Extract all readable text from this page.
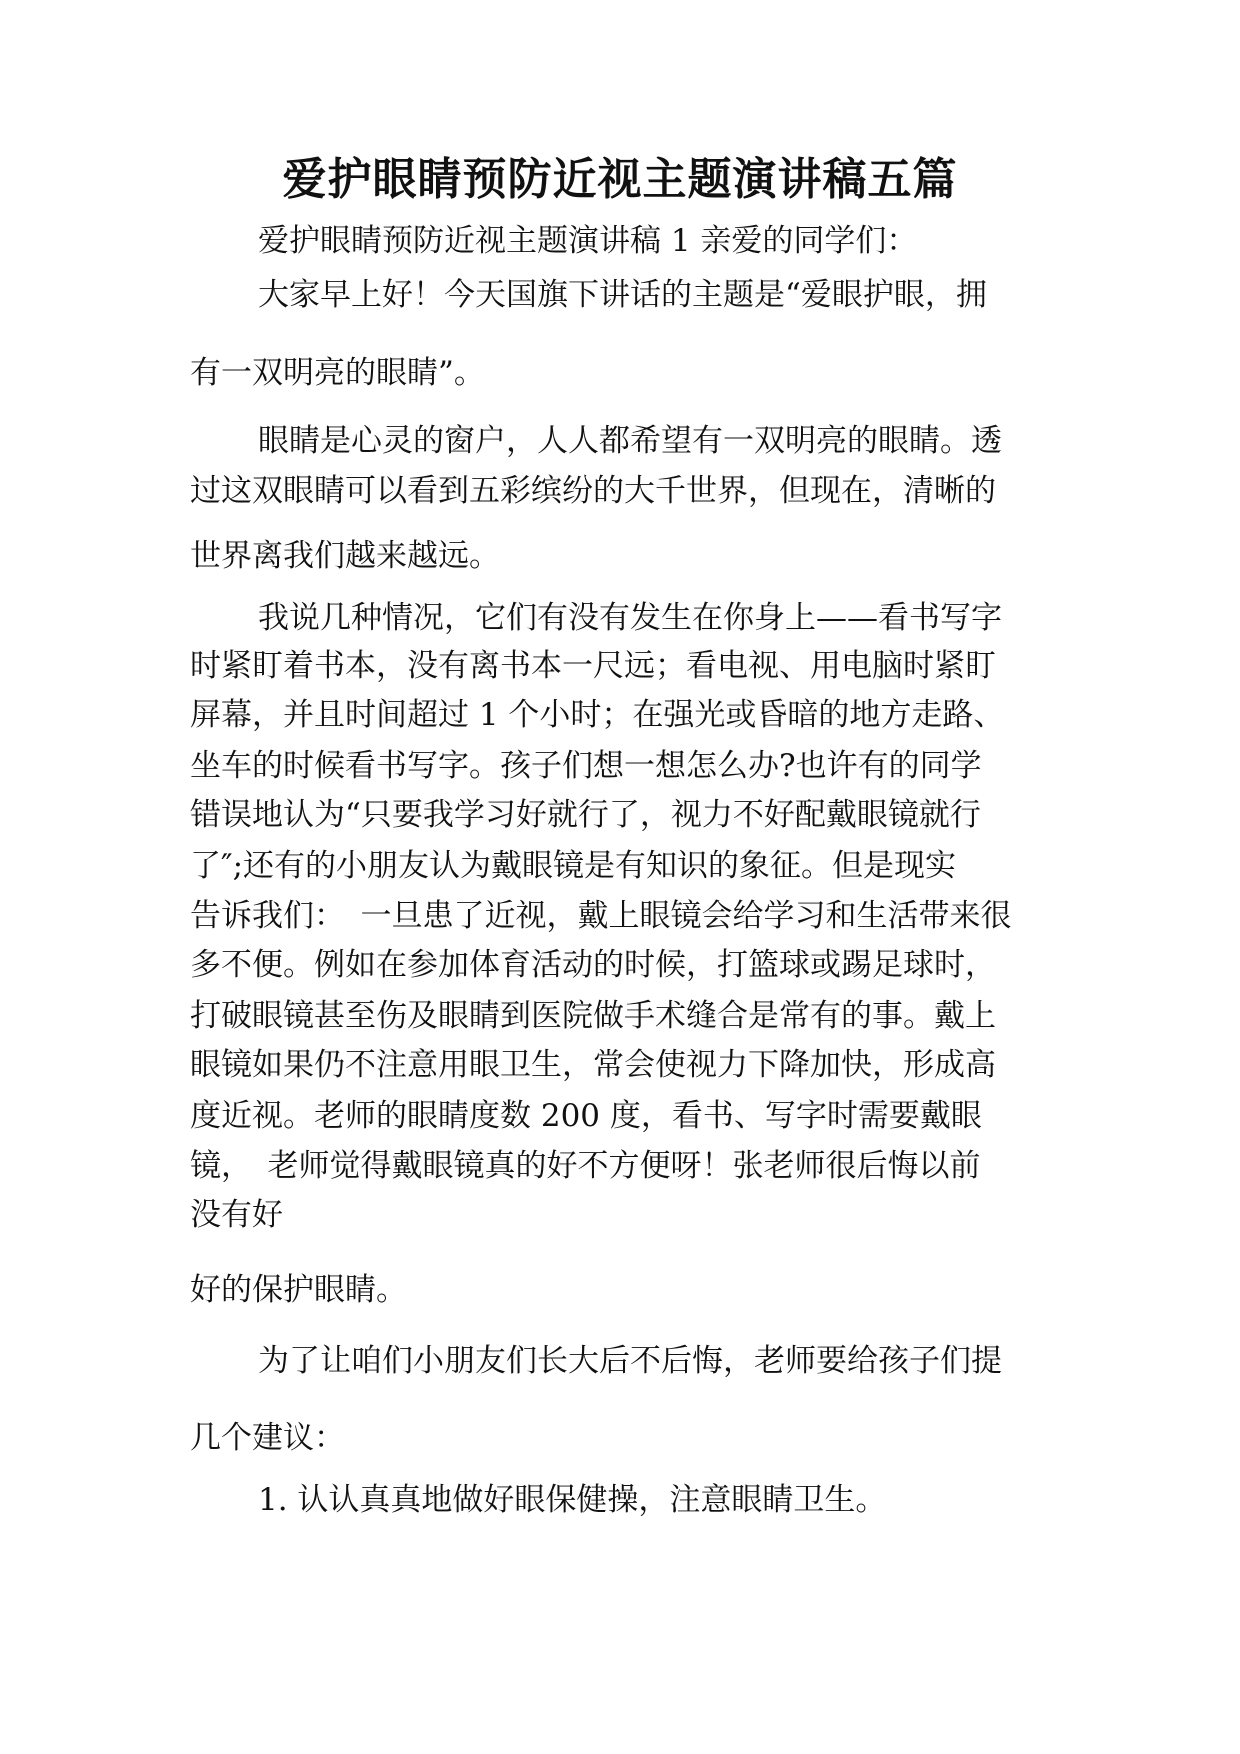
爱护眼睛预防近视主题演讲稿五篇

爱护眼睛预防近视主题演讲稿 1 亲爱的同学们：

大家早上好！今天国旗下讲话的主题是“爱眼护眼，拥

有一双明亮的眼睛”。

眼睛是心灵的窗户，人人都希望有一双明亮的眼睛。透

过这双眼睛可以看到五彩缤纷的大千世界，但现在，清晰的

世界离我们越来越远。

我说几种情况，它们有没有发生在你身上——看书写字

时紧盯着书本，没有离书本一尺远；看电视、用电脑时紧盯

屏幕，并且时间超过 1 个小时；在强光或昏暗的地方走路、

坐车的时候看书写字。孩子们想一想怎么办?也许有的同学

错误地认为“只要我学习好就行了，视力不好配戴眼镜就行

了″;还有的小朋友认为戴眼镜是有知识的象征。但是现实

告诉我们：　一旦患了近视，戴上眼镜会给学习和生活带来很

多不便。例如在参加体育活动的时候，打篮球或踢足球时，

打破眼镜甚至伤及眼睛到医院做手术缝合是常有的事。戴上

眼镜如果仍不注意用眼卫生，常会使视力下降加快，形成高

度近视。老师的眼睛度数 200 度，看书、写字时需要戴眼

镜，　老师觉得戴眼镜真的好不方便呀！张老师很后悔以前

没有好

好的保护眼睛。

为了让咱们小朋友们长大后不后悔，老师要给孩子们提

几个建议：

1. 认认真真地做好眼保健操，注意眼睛卫生。
